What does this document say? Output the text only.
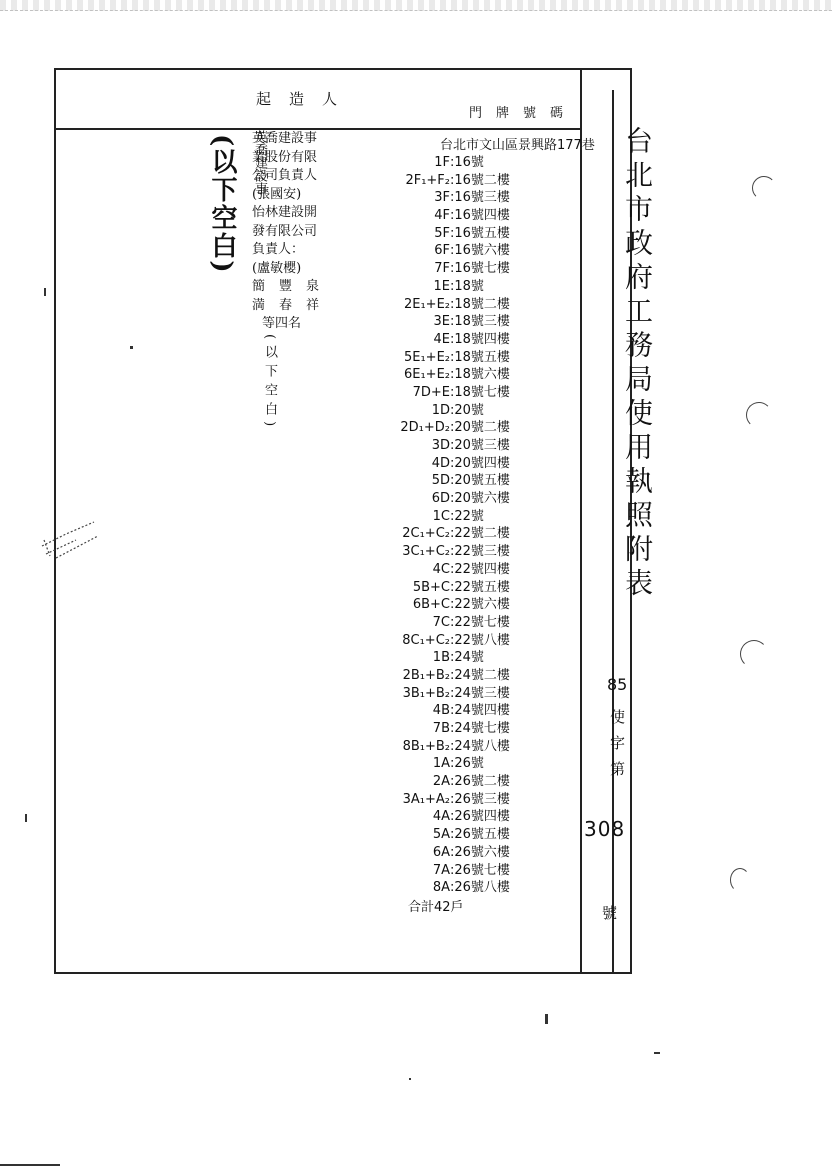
起造人
門牌號碼
台北市政府工務局使用執照附表
85
使
字
第
308
號
(以下空白)	英喬建設事
英喬建設事
業股份有限
公司負責人
(張國安)
怡林建設開
發有限公司
負責人：
(盧敏櫻)
簡豐泉
満春祥
等四名
(以下空白)
台北市文山區景興路177巷
1F:16號
2F₁+F₂:16號二樓
3F:16號三樓
4F:16號四樓
5F:16號五樓
6F:16號六樓
7F:16號七樓
1E:18號
2E₁+E₂:18號二樓
3E:18號三樓
4E:18號四樓
5E₁+E₂:18號五樓
6E₁+E₂:18號六樓
7D+E:18號七樓
1D:20號
2D₁+D₂:20號二樓
3D:20號三樓
4D:20號四樓
5D:20號五樓
6D:20號六樓
1C:22號
2C₁+C₂:22號二樓
3C₁+C₂:22號三樓
4C:22號四樓
5B+C:22號五樓
6B+C:22號六樓
7C:22號七樓
8C₁+C₂:22號八樓
1B:24號
2B₁+B₂:24號二樓
3B₁+B₂:24號三樓
4B:24號四樓
7B:24號七樓
8B₁+B₂:24號八樓
1A:26號
2A:26號二樓
3A₁+A₂:26號三樓
4A:26號四樓
5A:26號五樓
6A:26號六樓
7A:26號七樓
8A:26號八樓
合計42戶
